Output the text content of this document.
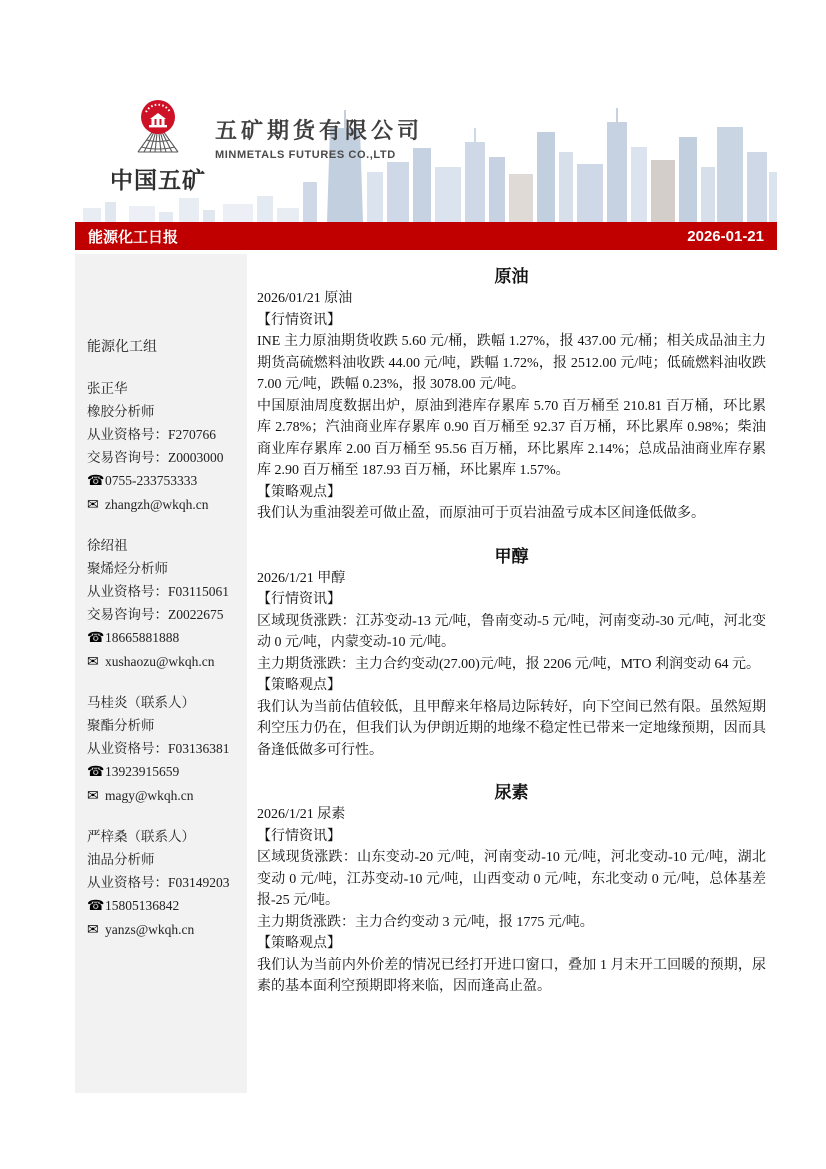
中国五矿
五矿期货有限公司
MINMETALS FUTURES CO.,LTD
能源化工日报	2026-01-21
能源化工组
张正华
橡胶分析师
从业资格号：F270766
交易咨询号：Z0003000
☎0755-233753333
✉ zhangzh@wkqh.cn
徐绍祖
聚烯烃分析师
从业资格号：F03115061
交易咨询号：Z0022675
☎18665881888
✉ xushaozu@wkqh.cn
马桂炎（联系人）
聚酯分析师
从业资格号：F03136381
☎13923915659
✉ magy@wkqh.cn
严梓桑（联系人）
油品分析师
从业资格号：F03149203
☎15805136842
✉ yanzs@wkqh.cn
原油

2026/01/21 原油

【行情资讯】

INE 主力原油期货收跌 5.60 元/桶，跌幅 1.27%，报 437.00 元/桶；相关成品油主力期货高硫燃料油收跌 44.00 元/吨，跌幅 1.72%，报 2512.00 元/吨；低硫燃料油收跌 7.00 元/吨，跌幅 0.23%，报 3078.00 元/吨。

中国原油周度数据出炉，原油到港库存累库 5.70 百万桶至 210.81 百万桶，环比累库 2.78%；汽油商业库存累库 0.90 百万桶至 92.37 百万桶，环比累库 0.98%；柴油商业库存累库 2.00 百万桶至 95.56 百万桶，环比累库 2.14%；总成品油商业库存累库 2.90 百万桶至 187.93 百万桶，环比累库 1.57%。

【策略观点】

我们认为重油裂差可做止盈，而原油可于页岩油盈亏成本区间逢低做多。

甲醇

2026/1/21 甲醇

【行情资讯】

区域现货涨跌：江苏变动-13 元/吨，鲁南变动-5 元/吨，河南变动-30 元/吨，河北变动 0 元/吨，内蒙变动-10 元/吨。

主力期货涨跌：主力合约变动(27.00)元/吨，报 2206 元/吨，MTO 利润变动 64 元。

【策略观点】

我们认为当前估值较低，且甲醇来年格局边际转好，向下空间已然有限。虽然短期利空压力仍在，但我们认为伊朗近期的地缘不稳定性已带来一定地缘预期，因而具备逢低做多可行性。

尿素

2026/1/21 尿素

【行情资讯】

区域现货涨跌：山东变动-20 元/吨，河南变动-10 元/吨，河北变动-10 元/吨，湖北变动 0 元/吨，江苏变动-10 元/吨，山西变动 0 元/吨，东北变动 0 元/吨，总体基差报-25 元/吨。

主力期货涨跌：主力合约变动 3 元/吨，报 1775 元/吨。

【策略观点】

我们认为当前内外价差的情况已经打开进口窗口，叠加 1 月末开工回暖的预期，尿素的基本面利空预期即将来临，因而逢高止盈。
